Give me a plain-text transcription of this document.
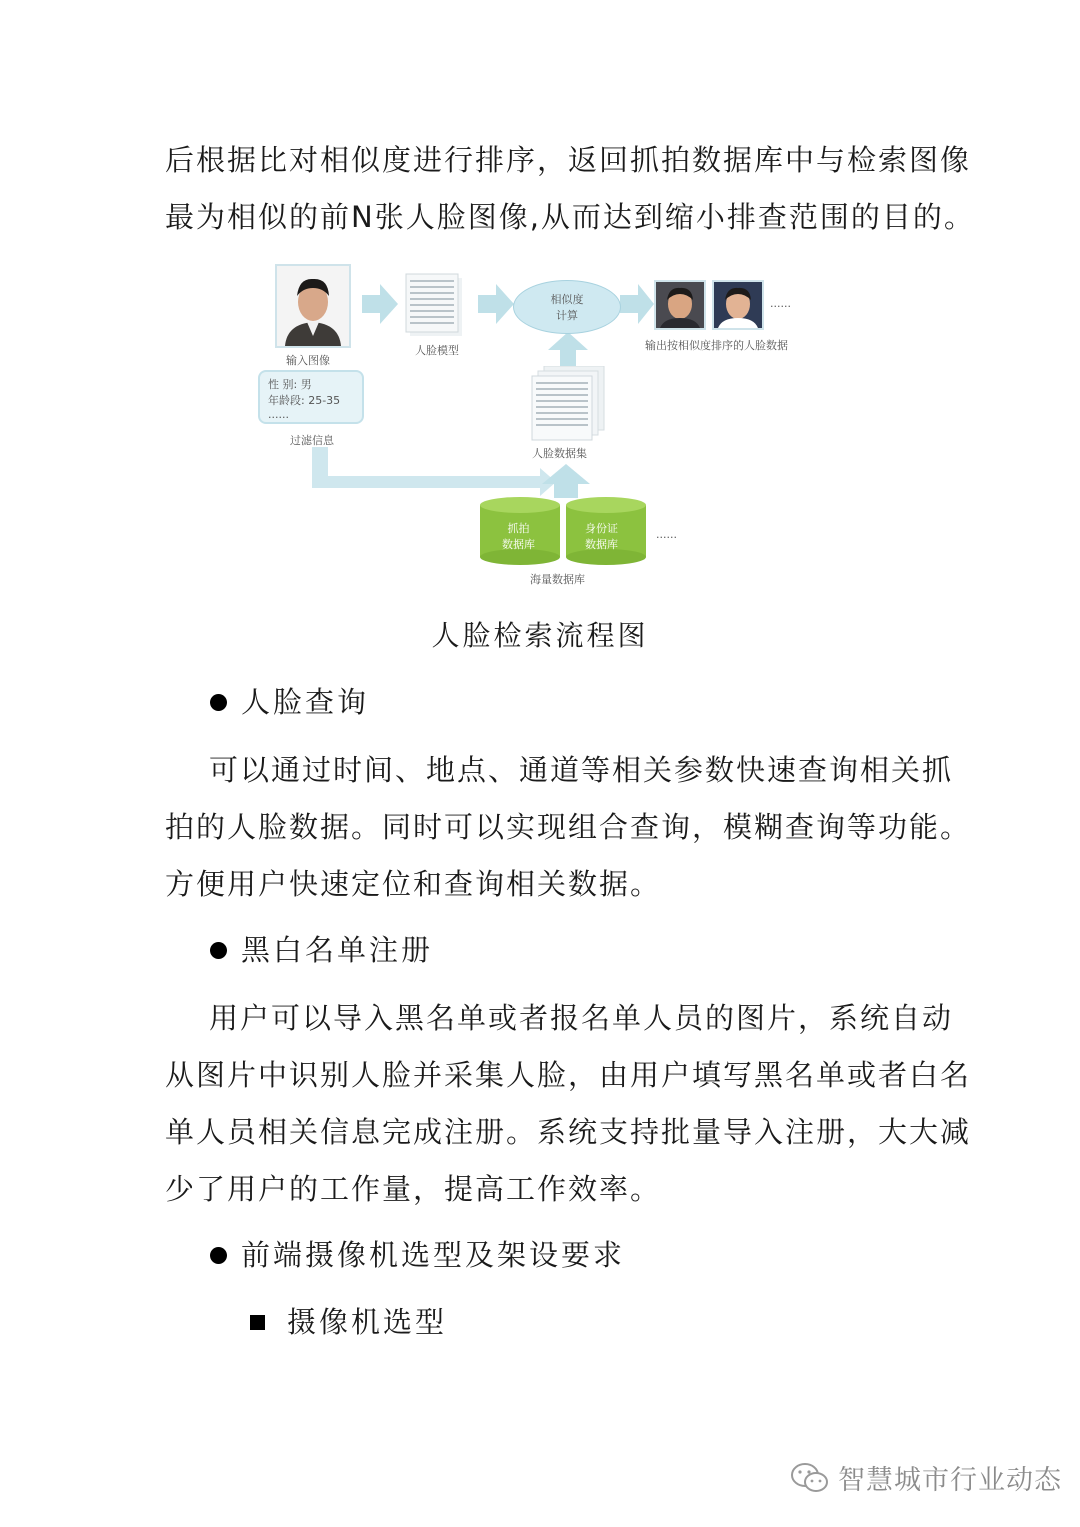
后根据比对相似度进行排序，返回抓拍数据库中与检索图像
最为相似的前N张人脸图像,从而达到缩小排查范围的目的。
输入图像
人脸模型
相似度
计算
输出按相似度排序的人脸数据
性 别: 男
年龄段: 25-35
......
过滤信息
人脸数据集
抓拍
数据库
身份证
数据库
......
海量数据库
......
人脸检索流程图
人脸查询
可以通过时间、地点、通道等相关参数快速查询相关抓
拍的人脸数据。同时可以实现组合查询，模糊查询等功能。
方便用户快速定位和查询相关数据。
黑白名单注册
用户可以导入黑名单或者报名单人员的图片，系统自动
从图片中识别人脸并采集人脸，由用户填写黑名单或者白名
单人员相关信息完成注册。系统支持批量导入注册，大大减
少了用户的工作量，提高工作效率。
前端摄像机选型及架设要求
摄像机选型
智慧城市行业动态
